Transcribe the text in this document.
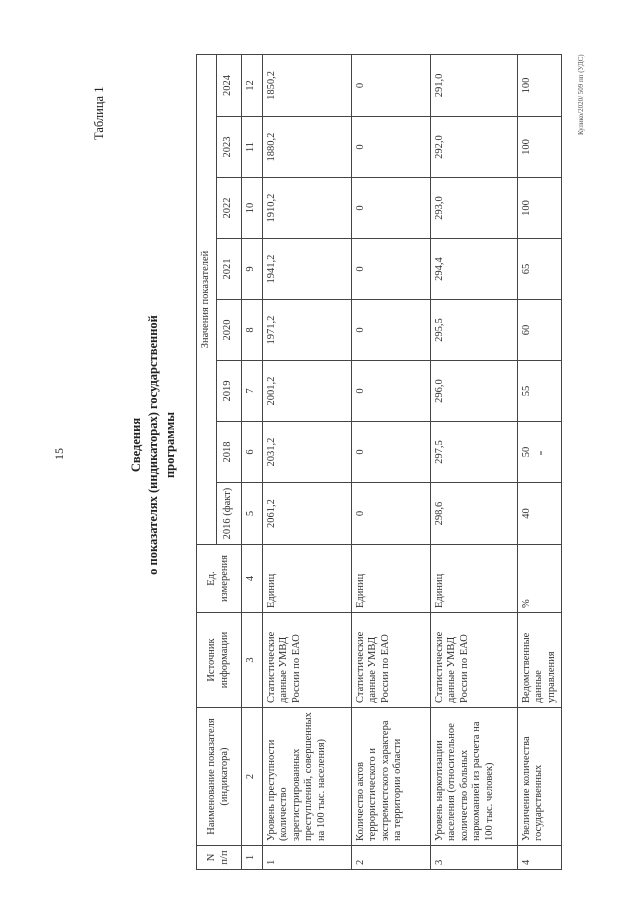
15
Таблица 1
Сведения о показателях (индикаторах) государственной программы
N п/п	Наименование показателя (индикатора)	Источник информации	Ед. измерения	Значения показателей							
				2016 (факт)	2018	2019	2020	2021	2022	2023	2024
1	2	3	4	5	6	7	8	9	10	11	12
1	Уровень преступности (количество зарегистрированных преступлений, совершенных на 100 тыс. населения)	Статистические данные УМВД России по ЕАО	Единиц	2061,2	2031,2	2001,2	1971,2	1941,2	1910,2	1880,2	1850,2
2	Количество актов террористического и экстремистского характера на территории области	Статистические данные УМВД России по ЕАО	Единиц	0	0	0	0	0	0	0	0
3	Уровень наркотизации населения (относительное количество больных наркоманией из расчета на 100 тыс. человек)	Статистические данные УМВД России по ЕАО	Единиц	298,6	297,5	296,0	295,5	294,4	293,0	292,0	291,0
4	Увеличение количества государственных	Ведомственные данные управления	%	40	50	55	60	65	100	100	100	Кулико/2020/ 509 пп (УДС)
